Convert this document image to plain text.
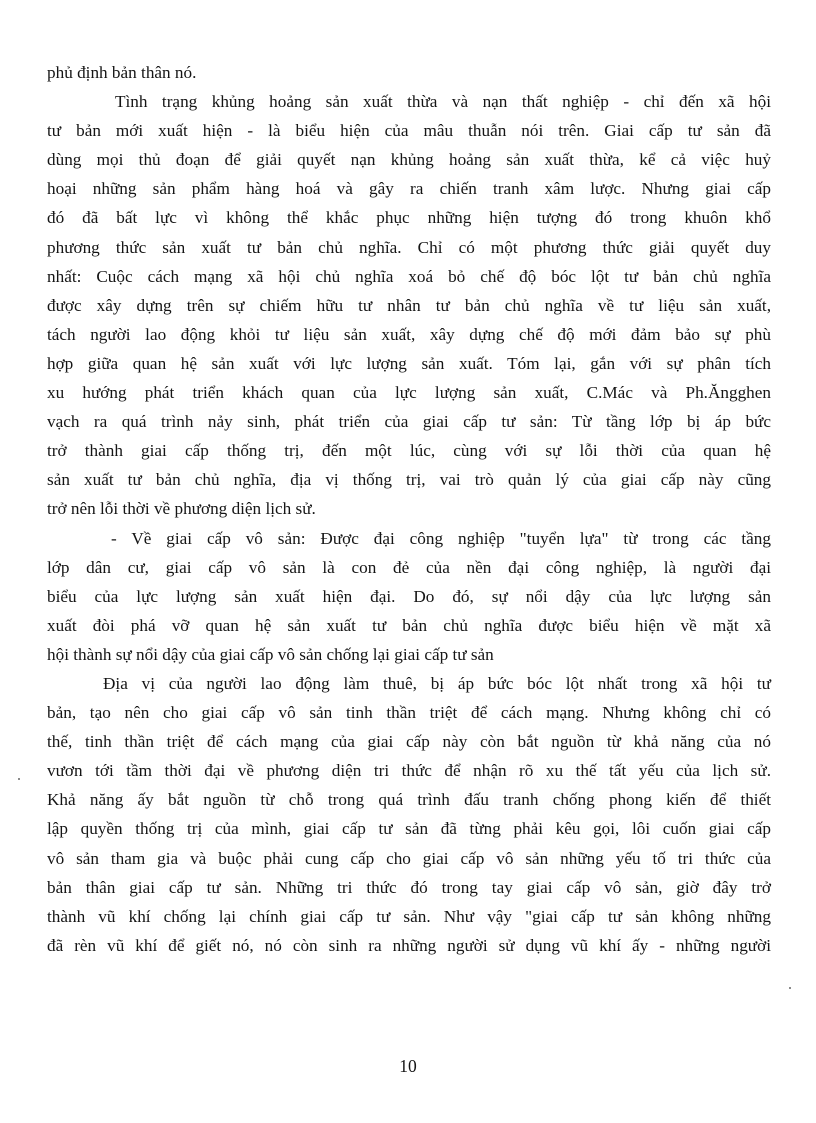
phủ định bản thân nó.
Tình trạng khủng hoảng sản xuất thừa và nạn thất nghiệp - chỉ đến xã hội
tư bản mới xuất hiện - là biểu hiện của mâu thuẫn nói trên. Giai cấp tư sản đã
dùng mọi thủ đoạn để giải quyết nạn khủng hoảng sản xuất thừa, kể cả việc huỷ
hoại những sản phẩm hàng hoá và gây ra chiến tranh xâm lược. Nhưng giai cấp
đó đã bất lực vì không thể khắc phục những hiện tượng đó trong khuôn khổ
phương thức sản xuất tư bản chủ nghĩa. Chỉ có một phương thức giải quyết duy
nhất: Cuộc cách mạng xã hội chủ nghĩa xoá bỏ chế độ bóc lột tư bản chủ nghĩa
được xây dựng trên sự chiếm hữu tư nhân tư bản chủ nghĩa về tư liệu sản xuất,
tách người lao động khỏi tư liệu sản xuất, xây dựng chế độ mới đảm bảo sự phù
hợp giữa quan hệ sản xuất với lực lượng sản xuất. Tóm lại, gắn với sự phân tích
xu hướng phát triển khách quan của lực lượng sản xuất, C.Mác và Ph.Ăngghen
vạch ra quá trình nảy sinh, phát triển của giai cấp tư sản: Từ tầng lớp bị áp bức
trở thành giai cấp thống trị, đến một lúc, cùng với sự lỗi thời của quan hệ
sản xuất tư bản chủ nghĩa, địa vị thống trị, vai trò quản lý của giai cấp này cũng
trở nên lỗi thời về phương diện lịch sử.
- Về giai cấp vô sản: Được đại công nghiệp "tuyển lựa" từ trong các tầng
lớp dân cư, giai cấp vô sản là con đẻ của nền đại công nghiệp, là người đại
biểu của lực lượng sản xuất hiện đại. Do đó, sự nổi dậy của lực lượng sản
xuất đòi phá vỡ quan hệ sản xuất tư bản chủ nghĩa được biểu hiện về mặt xã
hội thành sự nổi dậy của giai cấp vô sản chống lại giai cấp tư sản
Địa vị của người lao động làm thuê, bị áp bức bóc lột nhất trong xã hội tư
bản, tạo nên cho giai cấp vô sản tinh thần triệt để cách mạng. Nhưng không chỉ có
thế, tinh thần triệt để cách mạng của giai cấp này còn bắt nguồn từ khả năng của nó
vươn tới tầm thời đại về phương diện tri thức để nhận rõ xu thế tất yếu của lịch sử.
Khả năng ấy bắt nguồn từ chỗ trong quá trình đấu tranh chống phong kiến để thiết
lập quyền thống trị của mình, giai cấp tư sản đã từng phải kêu gọi, lôi cuốn giai cấp
vô sản tham gia và buộc phải cung cấp cho giai cấp vô sản những yếu tố tri thức của
bản thân giai cấp tư sản. Những tri thức đó trong tay giai cấp vô sản, giờ đây trở
thành vũ khí chống lại chính giai cấp tư sản. Như vậy "giai cấp tư sản không những
đã rèn vũ khí để giết nó, nó còn sinh ra những người sử dụng vũ khí ấy - những người
10
